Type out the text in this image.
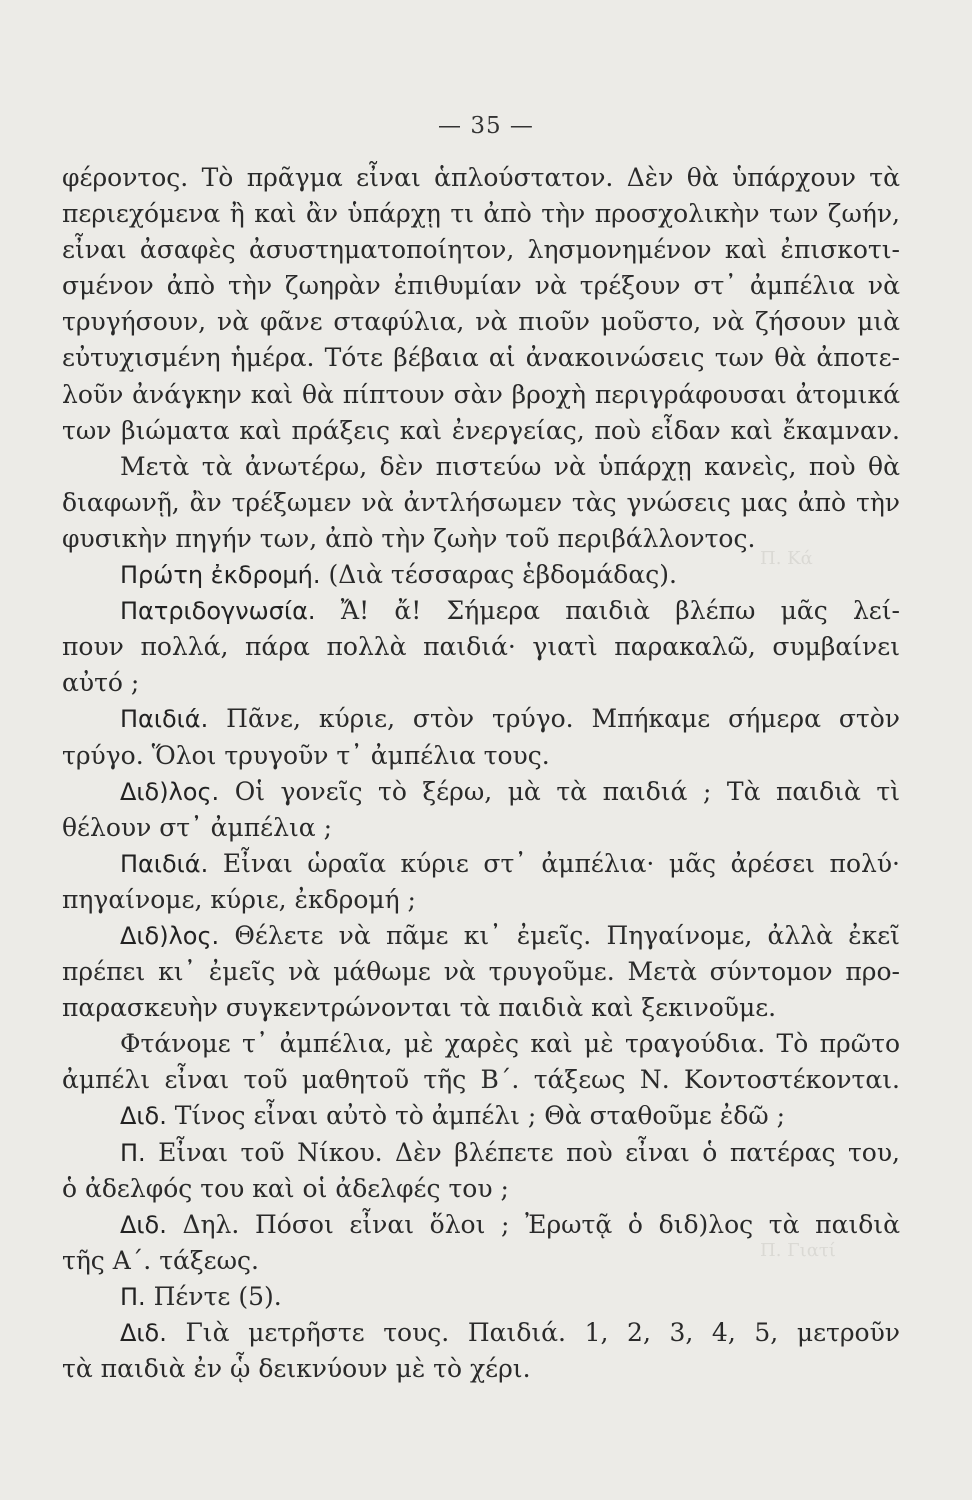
— 35 —
Π. Κά
Π. Γιατί
φέροντος. Τὸ πρᾶγμα εἶναι ἁπλούστατον. Δὲν θὰ ὑπάρχουν τὰ
περιεχόμενα ἢ καὶ ἂν ὑπάρχῃ τι ἀπὸ τὴν προσχολικὴν των ζωήν,
εἶναι ἀσαφὲς ἀσυστηματοποίητον, λησμονημένον καὶ ἐπισκοτι-
σμένον ἀπὸ τὴν ζωηρὰν ἐπιθυμίαν νὰ τρέξουν στ᾽ ἀμπέλια νὰ
τρυγήσουν, νὰ φᾶνε σταφύλια, νὰ πιοῦν μοῦστο, νὰ ζήσουν μιὰ
εὐτυχισμένη ἡμέρα. Τότε βέβαια αἱ ἀνακοινώσεις των θὰ ἀποτε-
λοῦν ἀνάγκην καὶ θὰ πίπτουν σὰν βροχὴ περιγράφουσαι ἀτομικά
των βιώματα καὶ πράξεις καὶ ἐνεργείας, ποὺ εἶδαν καὶ ἔκαμναν.
Μετὰ τὰ ἀνωτέρω, δὲν πιστεύω νὰ ὑπάρχῃ κανεὶς, ποὺ θὰ
διαφωνῇ, ἂν τρέξωμεν νὰ ἀντλήσωμεν τὰς γνώσεις μας ἀπὸ τὴν
φυσικὴν πηγήν των, ἀπὸ τὴν ζωὴν τοῦ περιβάλλοντος.
Πρώτη ἐκδρομή. (Διὰ τέσσαρας ἑβδομάδας).
Πατριδογνωσία. Ἄ! ἄ! Σήμερα παιδιὰ βλέπω μᾶς λεί-
πουν πολλά, πάρα πολλὰ παιδιά· γιατὶ παρακαλῶ, συμβαίνει
αὐτό ;
Παιδιά. Πᾶνε, κύριε, στὸν τρύγο. Μπήκαμε σήμερα στὸν
τρύγο. Ὅλοι τρυγοῦν τ᾽ ἀμπέλια τους.
Διδ)λος. Οἱ γονεῖς τὸ ξέρω, μὰ τὰ παιδιά ; Τὰ παιδιὰ τὶ
θέλουν στ᾽ ἀμπέλια ;
Παιδιά. Εἶναι ὡραῖα κύριε στ᾽ ἀμπέλια· μᾶς ἀρέσει πολύ·
πηγαίνομε, κύριε, ἐκδρομή ;
Διδ)λος. Θέλετε νὰ πᾶμε κι᾽ ἐμεῖς. Πηγαίνομε, ἀλλὰ ἐκεῖ
πρέπει κι᾽ ἐμεῖς νὰ μάθωμε νὰ τρυγοῦμε. Μετὰ σύντομον προ-
παρασκευὴν συγκεντρώνονται τὰ παιδιὰ καὶ ξεκινοῦμε.
Φτάνομε τ᾽ ἀμπέλια, μὲ χαρὲς καὶ μὲ τραγούδια. Τὸ πρῶτο
ἀμπέλι εἶναι τοῦ μαθητοῦ τῆς Β΄. τάξεως Ν. Κοντοστέκονται.
Διδ. Τίνος εἶναι αὐτὸ τὸ ἀμπέλι ; Θὰ σταθοῦμε ἐδῶ ;
Π. Εἶναι τοῦ Νίκου. Δὲν βλέπετε ποὺ εἶναι ὁ πατέρας του,
ὁ ἀδελφός του καὶ οἱ ἀδελφές του ;
Διδ. Δηλ. Πόσοι εἶναι ὅλοι ; Ἐρωτᾷ ὁ διδ)λος τὰ παιδιὰ
τῆς Α΄. τάξεως.
Π. Πέντε (5).
Διδ. Γιὰ μετρῆστε τους. Παιδιά. 1, 2, 3, 4, 5, μετροῦν
τὰ παιδιὰ ἐν ᾧ δεικνύουν μὲ τὸ χέρι.
